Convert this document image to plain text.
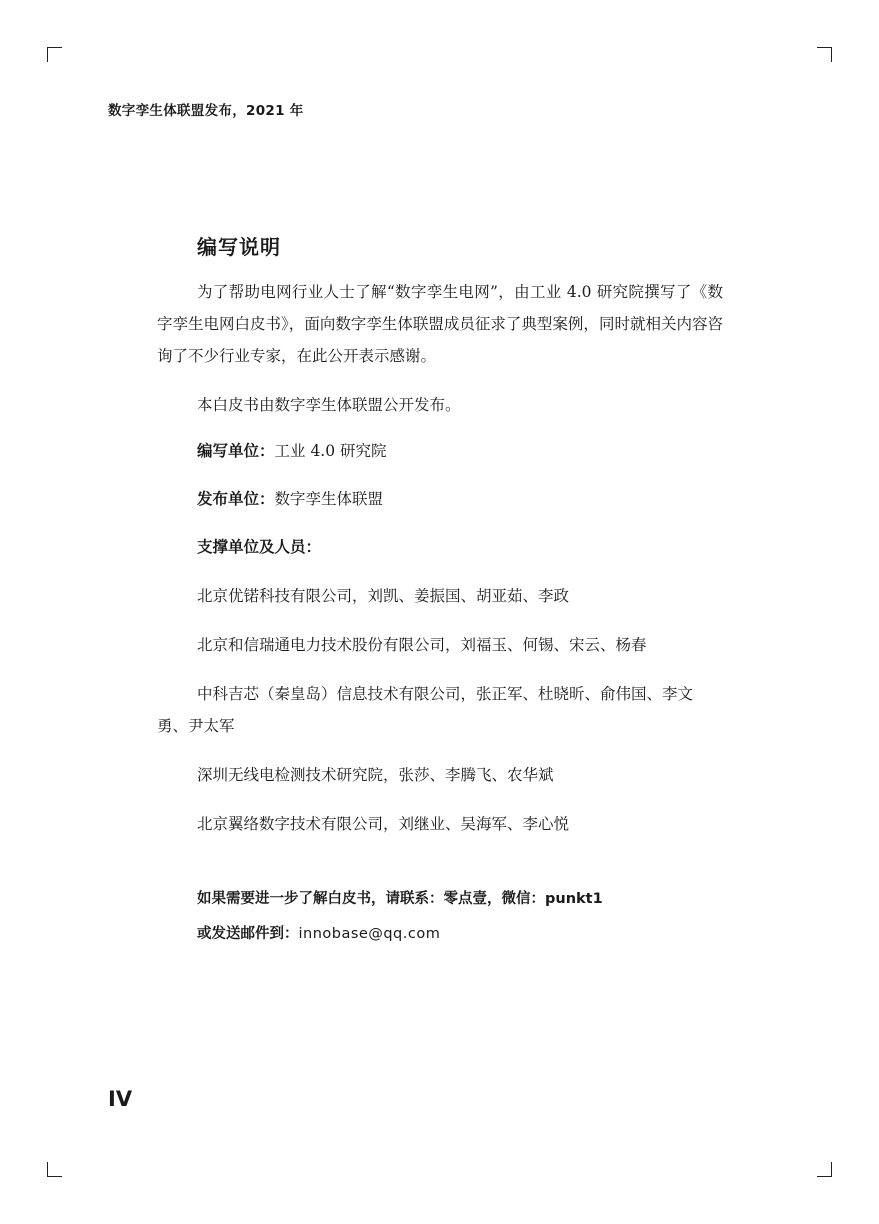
数字孪生体联盟发布，2021 年
编写说明

为了帮助电网行业人士了解“数字孪生电网”，由工业 4.0 研究院撰写了《数字孪生电网白皮书》，面向数字孪生体联盟成员征求了典型案例，同时就相关内容咨询了不少行业专家，在此公开表示感谢。

本白皮书由数字孪生体联盟公开发布。

编写单位：工业 4.0 研究院
发布单位：数字孪生体联盟
支撑单位及人员：
北京优锘科技有限公司，刘凯、姜振国、胡亚茹、李政
北京和信瑞通电力技术股份有限公司，刘福玉、何锡、宋云、杨春
中科吉芯（秦皇岛）信息技术有限公司，张正军、杜晓昕、俞伟国、李文勇、尹太军
深圳无线电检测技术研究院，张莎、李腾飞、农华斌
北京翼络数字技术有限公司，刘继业、吴海军、李心悦
如果需要进一步了解白皮书，请联系：零点壹，微信：punkt1
或发送邮件到：innobase@qq.com
IV
